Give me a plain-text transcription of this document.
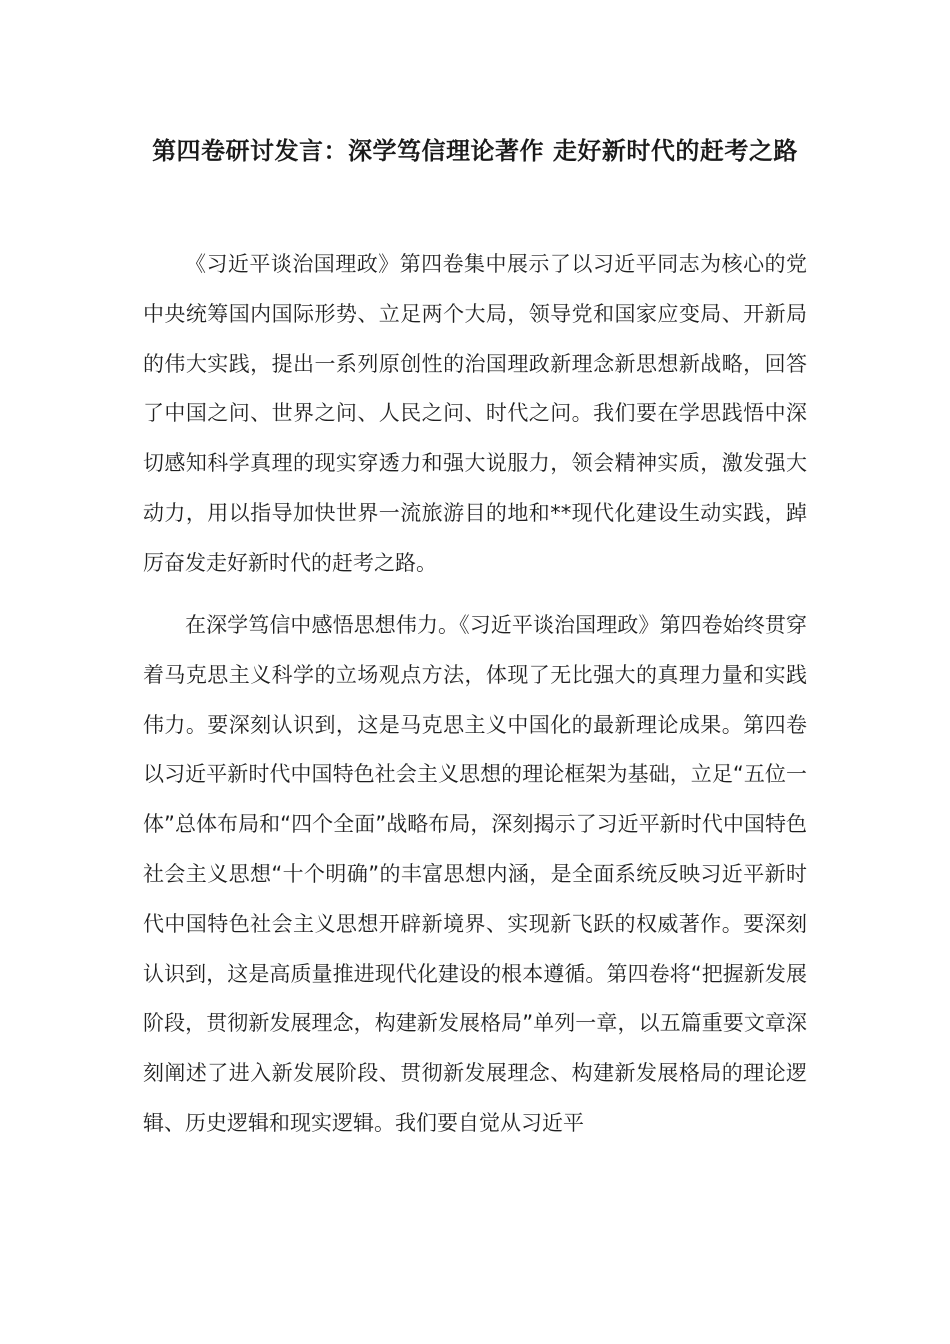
第四卷研讨发言：深学笃信理论著作 走好新时代的赶考之路

《习近平谈治国理政》第四卷集中展示了以习近平同志为核心的党中央统筹国内国际形势、立足两个大局，领导党和国家应变局、开新局的伟大实践，提出一系列原创性的治国理政新理念新思想新战略，回答了中国之问、世界之问、人民之问、时代之问。我们要在学思践悟中深切感知科学真理的现实穿透力和强大说服力，领会精神实质，激发强大动力，用以指导加快世界一流旅游目的地和**现代化建设生动实践，踔厉奋发走好新时代的赶考之路。

在深学笃信中感悟思想伟力。《习近平谈治国理政》第四卷始终贯穿着马克思主义科学的立场观点方法，体现了无比强大的真理力量和实践伟力。要深刻认识到，这是马克思主义中国化的最新理论成果。第四卷以习近平新时代中国特色社会主义思想的理论框架为基础，立足“五位一体”总体布局和“四个全面”战略布局，深刻揭示了习近平新时代中国特色社会主义思想“十个明确”的丰富思想内涵，是全面系统反映习近平新时代中国特色社会主义思想开辟新境界、实现新飞跃的权威著作。要深刻认识到，这是高质量推进现代化建设的根本遵循。第四卷将“把握新发展阶段，贯彻新发展理念，构建新发展格局”单列一章，以五篇重要文章深刻阐述了进入新发展阶段、贯彻新发展理念、构建新发展格局的理论逻辑、历史逻辑和现实逻辑。我们要自觉从习近平
